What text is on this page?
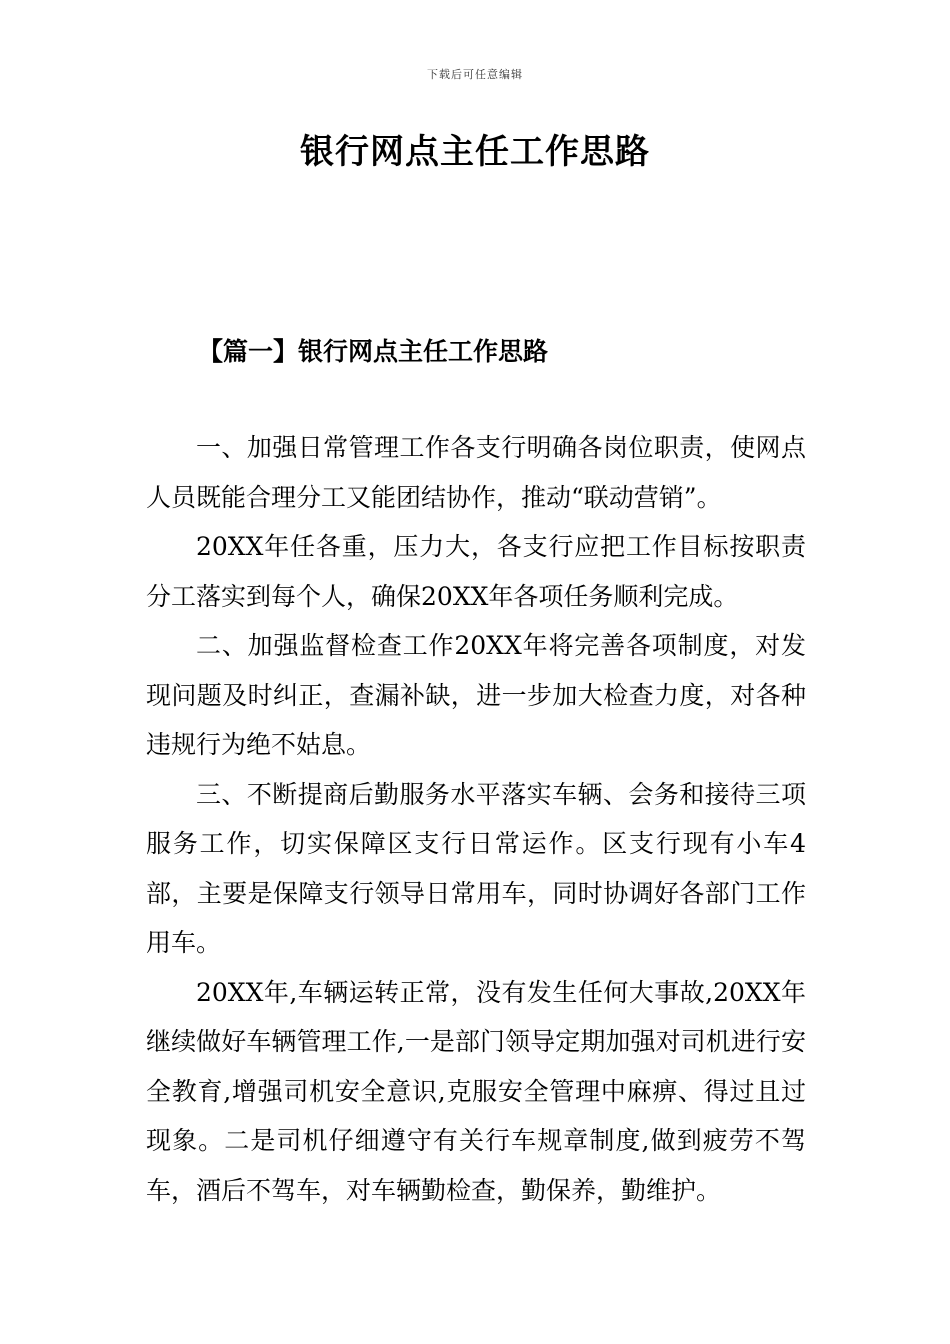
下载后可任意编辑
银行网点主任工作思路
【篇一】银行网点主任工作思路

一、加强日常管理工作各支行明确各岗位职责，使网点人员既能合理分工又能团结协作，推动“联动营销”。

20XX年任各重，压力大，各支行应把工作目标按职责分工落实到每个人，确保20XX年各项任务顺利完成。

二、加强监督检查工作20XX年将完善各项制度，对发现问题及时纠正，查漏补缺，进一步加大检查力度，对各种违规行为绝不姑息。

三、不断提商后勤服务水平落实车辆、会务和接待三项服务工作，切实保障区支行日常运作。区支行现有小车4部，主要是保障支行领导日常用车，同时协调好各部门工作用车。

20XX年,车辆运转正常，没有发生任何大事故,20XX年继续做好车辆管理工作,一是部门领导定期加强对司机进行安全教育,增强司机安全意识,克服安全管理中麻痹、得过且过现象。二是司机仔细遵守有关行车规章制度,做到疲劳不驾车，酒后不驾车，对车辆勤检查，勤保养，勤维护。
